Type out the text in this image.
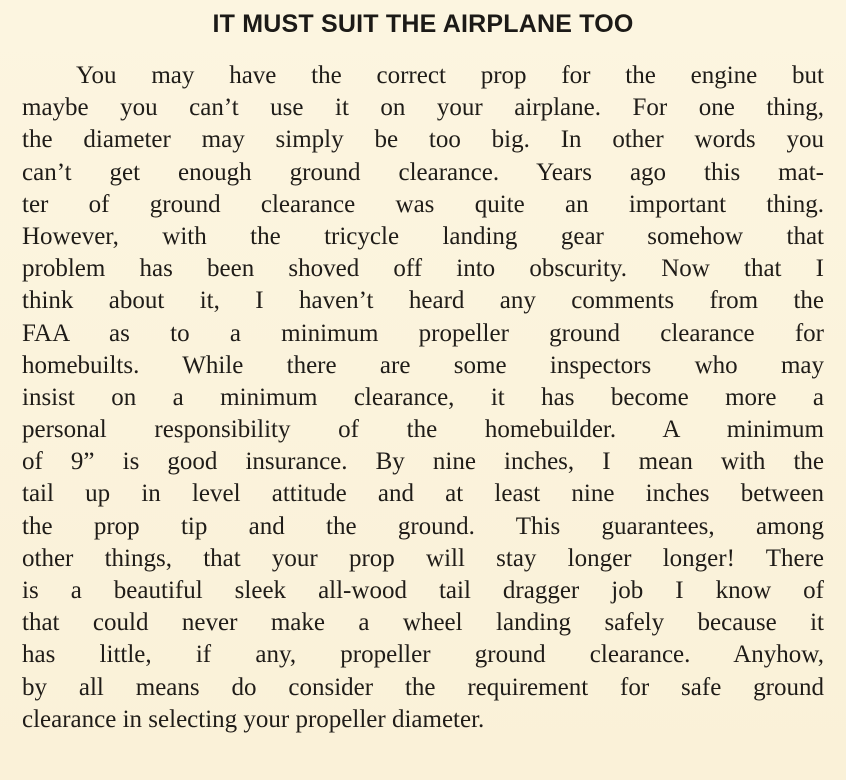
IT MUST SUIT THE AIRPLANE TOO
You may have the correct prop for the engine but
maybe you can’t use it on your airplane. For one thing,
the diameter may simply be too big. In other words you
can’t get enough ground clearance. Years ago this mat-
ter of ground clearance was quite an important thing.
However, with the tricycle landing gear somehow that
problem has been shoved off into obscurity. Now that I
think about it, I haven’t heard any comments from the
FAA as to a minimum propeller ground clearance for
homebuilts. While there are some inspectors who may
insist on a minimum clearance, it has become more a
personal responsibility of the homebuilder. A minimum
of 9” is good insurance. By nine inches, I mean with the
tail up in level attitude and at least nine inches between
the prop tip and the ground. This guarantees, among
other things, that your prop will stay longer longer! There
is a beautiful sleek all-wood tail dragger job I know of
that could never make a wheel landing safely because it
has little, if any, propeller ground clearance. Anyhow,
by all means do consider the requirement for safe ground
clearance in selecting your propeller diameter.
